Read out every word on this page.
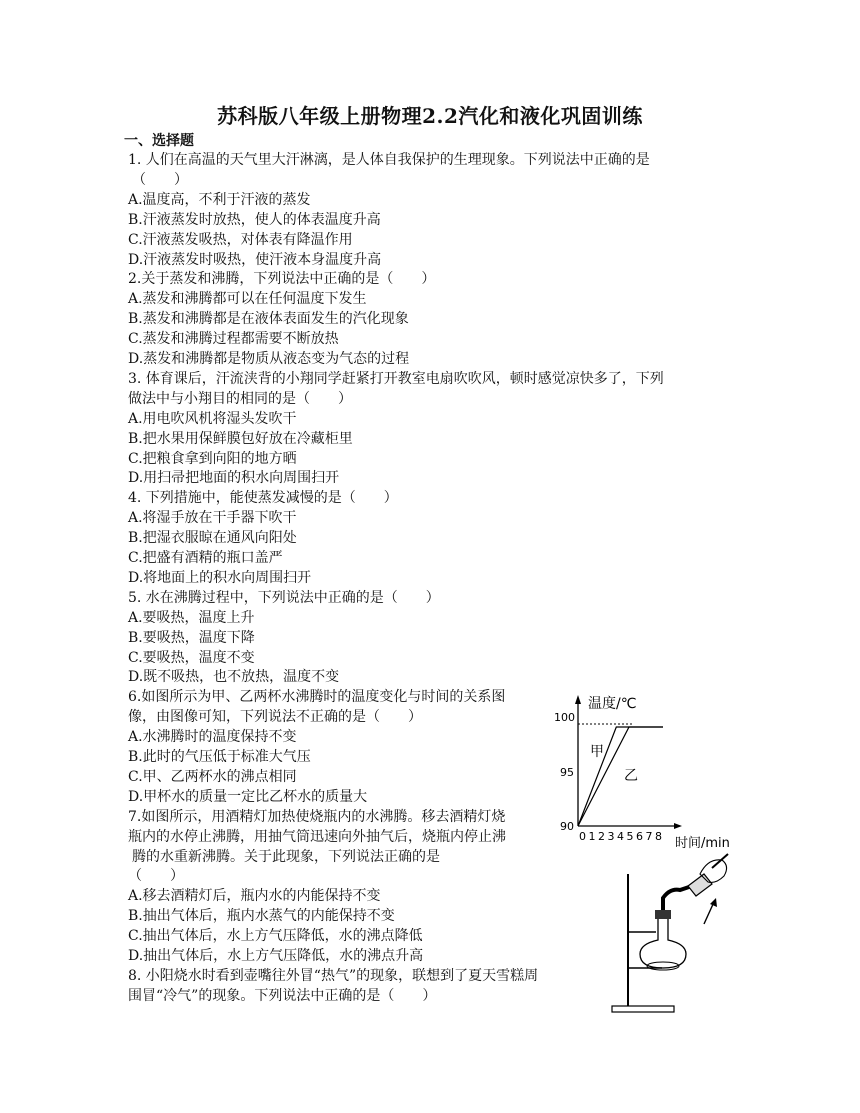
苏科版八年级上册物理2.2汽化和液化巩固训练
一、选择题
1. 人们在高温的天气里大汗淋漓，是人体自我保护的生理现象。下列说法中正确的是
（　　）
A.温度高，不利于汗液的蒸发
B.汗液蒸发时放热，使人的体表温度升高
C.汗液蒸发吸热，对体表有降温作用
D.汗液蒸发时吸热，使汗液本身温度升高
2.关于蒸发和沸腾，下列说法中正确的是（　　）
A.蒸发和沸腾都可以在任何温度下发生
B.蒸发和沸腾都是在液体表面发生的汽化现象
C.蒸发和沸腾过程都需要不断放热
D.蒸发和沸腾都是物质从液态变为气态的过程
3. 体育课后，汗流浃背的小翔同学赶紧打开教室电扇吹吹风，顿时感觉凉快多了，下列
做法中与小翔目的相同的是（　　）
A.用电吹风机将湿头发吹干
B.把水果用保鲜膜包好放在冷藏柜里
C.把粮食拿到向阳的地方晒
D.用扫帚把地面的积水向周围扫开
4. 下列措施中，能使蒸发减慢的是（　　）
A.将湿手放在干手器下吹干
B.把湿衣服晾在通风向阳处
C.把盛有酒精的瓶口盖严
D.将地面上的积水向周围扫开
5. 水在沸腾过程中，下列说法中正确的是（　　）
A.要吸热，温度上升
B.要吸热，温度下降
C.要吸热，温度不变
D.既不吸热，也不放热，温度不变
6.如图所示为甲、乙两杯水沸腾时的温度变化与时间的关系图
像，由图像可知，下列说法不正确的是（　　）
A.水沸腾时的温度保持不变
B.此时的气压低于标准大气压
C.甲、乙两杯水的沸点相同
D.甲杯水的质量一定比乙杯水的质量大
7.如图所示，用酒精灯加热使烧瓶内的水沸腾。移去酒精灯烧
瓶内的水停止沸腾，用抽气筒迅速向外抽气后，烧瓶内停止沸
腾的水重新沸腾。关于此现象，下列说法正确的是
（　　）
A.移去酒精灯后，瓶内水的内能保持不变
B.抽出气体后，瓶内水蒸气的内能保持不变
C.抽出气体后，水上方气压降低，水的沸点降低
D.抽出气体后，水上方气压降低，水的沸点升高
8. 小阳烧水时看到壶嘴往外冒“热气”的现象，联想到了夏天雪糕周
围冒“冷气”的现象。下列说法中正确的是（　　）
温度/℃
时间/min
100
95
90
0 1 2 3 4 5 6 7 8
甲
乙
